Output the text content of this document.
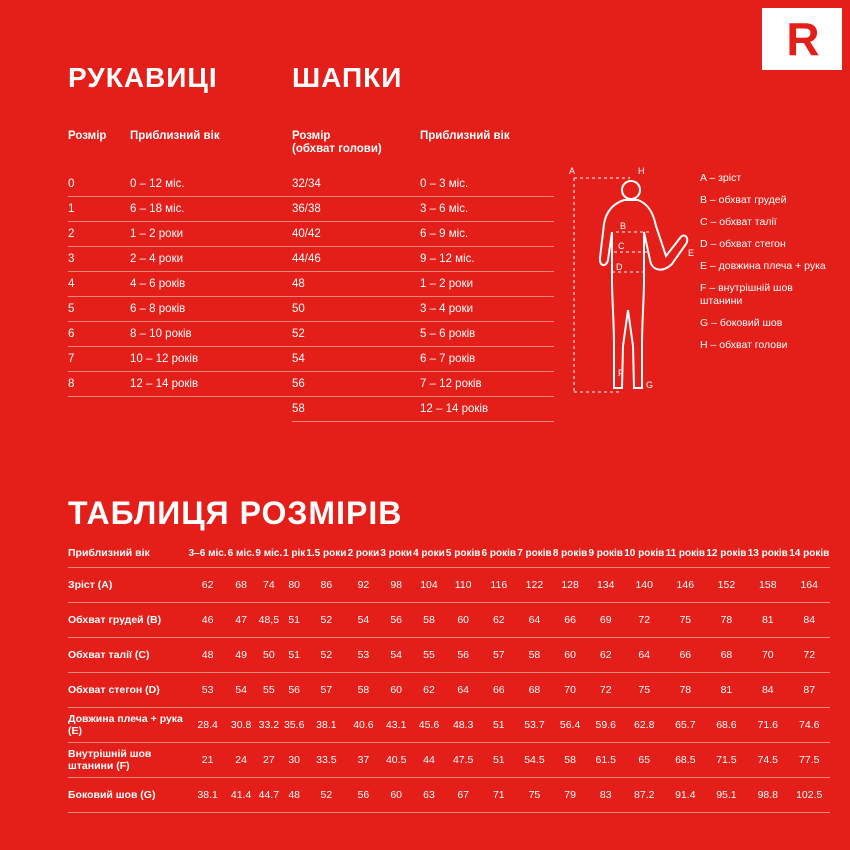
R
РУКАВИЦІ	ШАПКИ
Розмір	Приблизний вік
0	0 – 12 міс.
1	6 – 18 міс.
2	1 – 2 роки
3	2 – 4 роки
4	4 – 6 років
5	6 – 8 років
6	8 – 10 років
7	10 – 12 років
8	12 – 14 років
Розмір
(обхват голови)
Приблизний вік
32/34	0 – 3 міс.
36/38	3 – 6 міс.
40/42	6 – 9 міс.
44/46	9 – 12 міс.
48	1 – 2 роки
50	3 – 4 роки
52	5 – 6 років
54	6 – 7 років
56	7 – 12 років
58	12 – 14 років
A	H
B
C
D
E
F
G
A – зріст
B – обхват грудей
C – обхват талії
D – обхват стегон
E – довжина плеча + рука
F – внутрішній шов штанини
G – боковий шов
H – обхват голови
ТАБЛИЦЯ РОЗМІРІВ
Приблизний вік	3–6 міс.	6 міс.	9 міс.	1 рік	1.5 роки	2 роки	3 роки	4 роки	5 років	6 років	7 років	8 років	9 років	10 років	11 років	12 років	13 років	14 років
Зріст (A)	62	68	74	80	86	92	98	104	110	116	122	128	134	140	146	152	158	164
Обхват грудей (B)	46	47	48,5	51	52	54	56	58	60	62	64	66	69	72	75	78	81	84
Обхват талії (C)	48	49	50	51	52	53	54	55	56	57	58	60	62	64	66	68	70	72
Обхват стегон (D)	53	54	55	56	57	58	60	62	64	66	68	70	72	75	78	81	84	87
Довжина плеча + рука (E)	28.4	30.8	33.2	35.6	38.1	40.6	43.1	45.6	48.3	51	53.7	56.4	59.6	62.8	65.7	68.6	71.6	74.6
Внутрішній шов штанини (F)	21	24	27	30	33.5	37	40.5	44	47.5	51	54.5	58	61.5	65	68.5	71.5	74.5	77.5
Боковий шов (G)	38.1	41.4	44.7	48	52	56	60	63	67	71	75	79	83	87.2	91.4	95.1	98.8	102.5
